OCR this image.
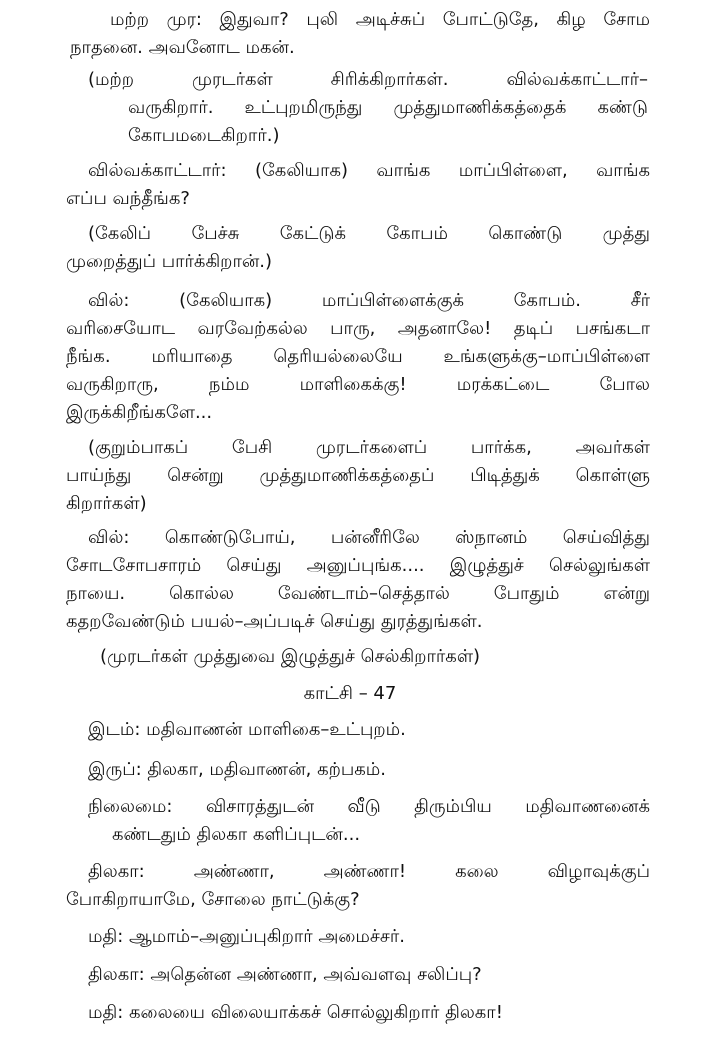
மற்ற முர: இதுவா? புலி அடிச்சுப் போட்டுதே, கிழ சோம
நாதனை. அவனோட மகன்.
(மற்ற முரடர்கள் சிரிக்கிறார்கள். வில்வக்காட்டார்–
வருகிறார். உட்புறமிருந்து முத்துமாணிக்கத்தைக் கண்டு
கோபமடைகிறார்.)
வில்வக்காட்டார்: (கேலியாக) வாங்க மாப்பிள்ளை, வாங்க
எப்ப வந்தீங்க?
(கேலிப் பேச்சு கேட்டுக் கோபம் கொண்டு முத்து
முறைத்துப் பார்க்கிறான்.)
வில்: (கேலியாக) மாப்பிள்ளைக்குக் கோபம். சீர்
வரிசையோட வரவேற்கல்ல பாரு, அதனாலே! தடிப் பசங்கடா
நீங்க. மரியாதை தெரியல்லையே உங்களுக்கு–மாப்பிள்ளை
வருகிறாரு, நம்ம மாளிகைக்கு! மரக்கட்டை போல
இருக்கிறீங்களே...
(குறும்பாகப் பேசி முரடர்களைப் பார்க்க, அவர்கள்
பாய்ந்து சென்று முத்துமாணிக்கத்தைப் பிடித்துக் கொள்ளு
கிறார்கள்)
வில்: கொண்டுபோய், பன்னீரிலே ஸ்நானம் செய்வித்து
சோடசோபசாரம் செய்து அனுப்புங்க.... இழுத்துச் செல்லுங்கள்
நாயை. கொல்ல வேண்டாம்–செத்தால் போதும் என்று
கதறவேண்டும் பயல்–அப்படிச் செய்து துரத்துங்கள்.
(முரடர்கள் முத்துவை இழுத்துச் செல்கிறார்கள்)
காட்சி – 47
இடம்: மதிவாணன் மாளிகை–உட்புறம்.
இருப்: திலகா, மதிவாணன், கற்பகம்.
நிலைமை: விசாரத்துடன் வீடு திரும்பிய மதிவாணனைக்
கண்டதும் திலகா களிப்புடன்...
திலகா: அண்ணா, அண்ணா! கலை விழாவுக்குப்
போகிறாயாமே, சோலை நாட்டுக்கு?
மதி: ஆமாம்–அனுப்புகிறார் அமைச்சர்.
திலகா: அதென்ன அண்ணா, அவ்வளவு சலிப்பு?
மதி: கலையை விலையாக்கச் சொல்லுகிறார் திலகா!
